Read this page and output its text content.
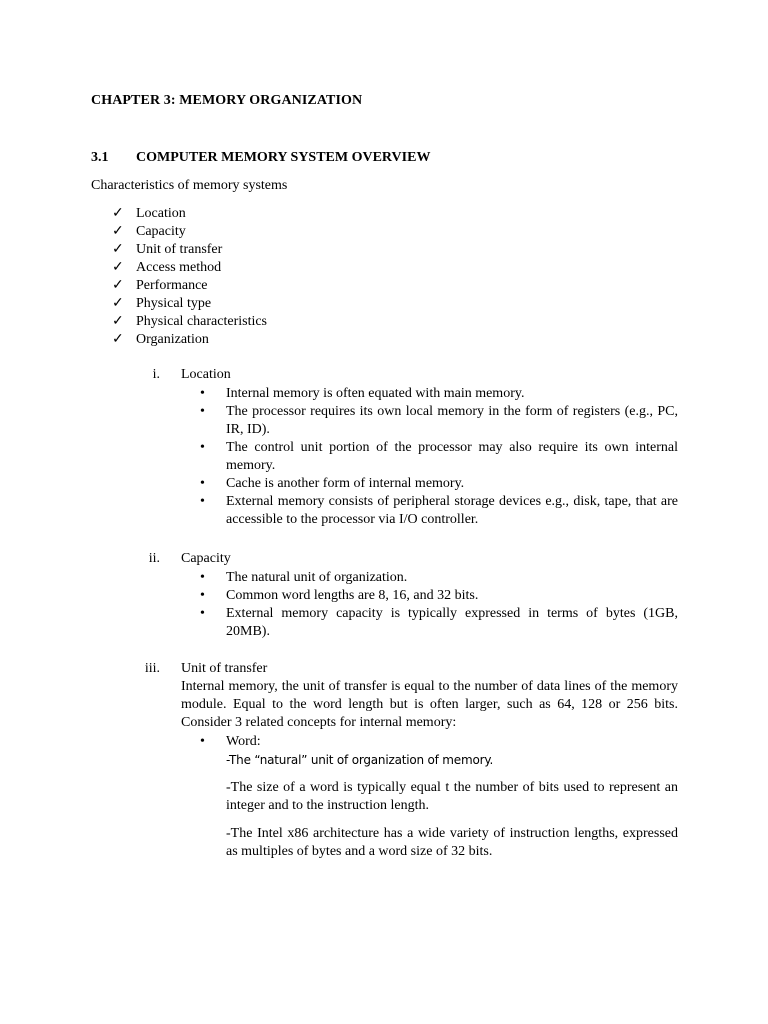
CHAPTER 3: MEMORY ORGANIZATION
3.1 COMPUTER MEMORY SYSTEM OVERVIEW
Characteristics of memory systems
✓ Location
✓ Capacity
✓ Unit of transfer
✓ Access method
✓ Performance
✓ Physical type
✓ Physical characteristics
✓ Organization
i. Location
• Internal memory is often equated with main memory.
• The processor requires its own local memory in the form of registers (e.g., PC, IR, ID).
• The control unit portion of the processor may also require its own internal memory.
• Cache is another form of internal memory.
• External memory consists of peripheral storage devices e.g., disk, tape, that are accessible to the processor via I/O controller.
ii. Capacity
• The natural unit of organization.
• Common word lengths are 8, 16, and 32 bits.
• External memory capacity is typically expressed in terms of bytes (1GB, 20MB).
iii. Unit of transfer
Internal memory, the unit of transfer is equal to the number of data lines of the memory module. Equal to the word length but is often larger, such as 64, 128 or 256 bits. Consider 3 related concepts for internal memory:
• Word:
-The “natural” unit of organization of memory.
-The size of a word is typically equal t the number of bits used to represent an integer and to the instruction length.
-The Intel x86 architecture has a wide variety of instruction lengths, expressed as multiples of bytes and a word size of 32 bits.
